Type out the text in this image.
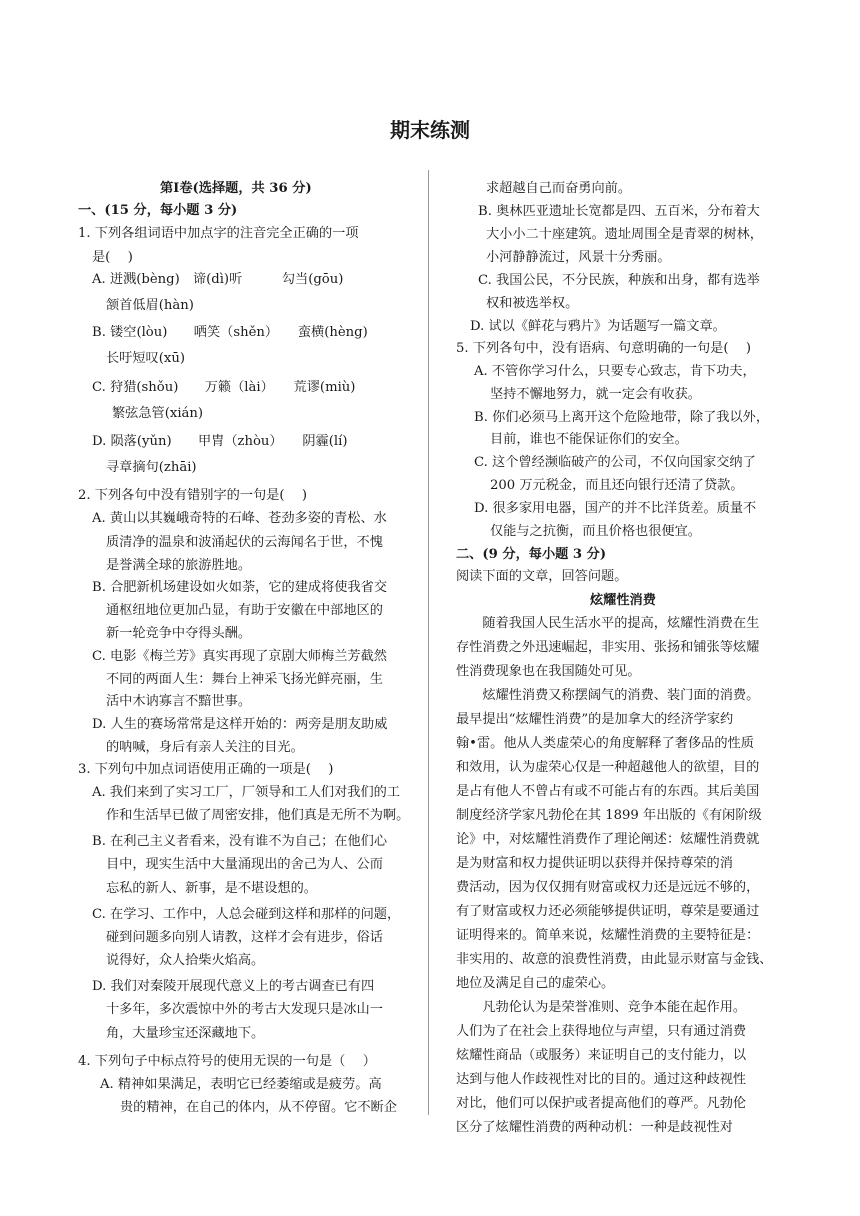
期末练测
第Ⅰ卷(选择题，共 36 分)
一、(15 分，每小题 3 分)
1. 下列各组词语中加点字的注音完全正确的一项
是(　 )
A. 迸溅(bèng)　谛(dì)听　　　勾当(gōu)
颔首低眉(hàn)
B. 镂空(lòu)　　哂笑（shěn）　　蛮横(hèng)
长吁短叹(xū)
C. 狩猎(shǒu)　　万籁（lài）　　荒谬(miù)
繁弦急管(xián)
D. 陨落(yǔn)　　甲胄（zhòu）　　阴霾(lí)
寻章摘句(zhāi)
2. 下列各句中没有错别字的一句是(　 )
A. 黄山以其巍峨奇特的石峰、苍劲多姿的青松、水
质清净的温泉和波涌起伏的云海闻名于世，不愧
是誉满全球的旅游胜地。
B. 合肥新机场建设如火如荼，它的建成将使我省交
通枢纽地位更加凸显，有助于安徽在中部地区的
新一轮竞争中夺得头酬。
C. 电影《梅兰芳》真实再现了京剧大师梅兰芳截然
不同的两面人生：舞台上神采飞扬光鲜亮丽，生
活中木讷寡言不黯世事。
D. 人生的赛场常常是这样开始的：两旁是朋友助威
的呐喊，身后有亲人关注的目光。
3. 下列句中加点词语使用正确的一项是(　 )
A. 我们来到了实习工厂，厂领导和工人们对我们的工
作和生活早已做了周密安排，他们真是无所不为啊。
B. 在利己主义者看来，没有谁不为自己；在他们心
目中，现实生活中大量涌现出的舍己为人、公而
忘私的新人、新事，是不堪设想的。
C. 在学习、工作中，人总会碰到这样和那样的问题，
碰到问题多向别人请教，这样才会有进步，俗话
说得好，众人拾柴火焰高。
D. 我们对秦陵开展现代意义上的考古调查已有四
十多年，多次震惊中外的考古大发现只是冰山一
角，大量珍宝还深藏地下。
4. 下列句子中标点符号的使用无误的一句是（　 ）
A. 精神如果满足，表明它已经萎缩或是疲劳。高
贵的精神，在自己的体内，从不停留。它不断企
求超越自己而奋勇向前。
B. 奥林匹亚遗址长宽都是四、五百米，分布着大
大小小二十座建筑。遗址周围全是青翠的树林，
小河静静流过，风景十分秀丽。
C. 我国公民，不分民族，种族和出身，都有选举
权和被选举权。
D. 试以《鲜花与鸦片》为话题写一篇文章。
5. 下列各句中，没有语病、句意明确的一句是(　 )
A. 不管你学习什么，只要专心致志，肯下功夫，
坚持不懈地努力，就一定会有收获。
B. 你们必须马上离开这个危险地带，除了我以外，
目前，谁也不能保证你们的安全。
C. 这个曾经濒临破产的公司，不仅向国家交纳了
200 万元税金，而且还向银行还清了贷款。
D. 很多家用电器，国产的并不比洋货差。质量不
仅能与之抗衡，而且价格也很便宜。
二、(9 分，每小题 3 分)
阅读下面的文章，回答问题。
炫耀性消费
　　随着我国人民生活水平的提高，炫耀性消费在生
存性消费之外迅速崛起，非实用、张扬和铺张等炫耀
性消费现象也在我国随处可见。
　　炫耀性消费又称摆阔气的消费、装门面的消费。
最早提出“炫耀性消费”的是加拿大的经济学家约
翰•雷。他从人类虚荣心的角度解释了奢侈品的性质
和效用，认为虚荣心仅是一种超越他人的欲望，目的
是占有他人不曾占有或不可能占有的东西。其后美国
制度经济学家凡勃伦在其 1899 年出版的《有闲阶级
论》中，对炫耀性消费作了理论阐述：炫耀性消费就
是为财富和权力提供证明以获得并保持尊荣的消
费活动，因为仅仅拥有财富或权力还是远远不够的，
有了财富或权力还必须能够提供证明，尊荣是要通过
证明得来的。简单来说，炫耀性消费的主要特征是：
非实用的、故意的浪费性消费，由此显示财富与金钱、
地位及满足自己的虚荣心。
　　凡勃伦认为是荣誉准则、竞争本能在起作用。
人们为了在社会上获得地位与声望，只有通过消费
炫耀性商品（或服务）来证明自己的支付能力，以
达到与他人作歧视性对比的目的。通过这种歧视性
对比，他们可以保护或者提高他们的尊严。凡勃伦
区分了炫耀性消费的两种动机：一种是歧视性对
